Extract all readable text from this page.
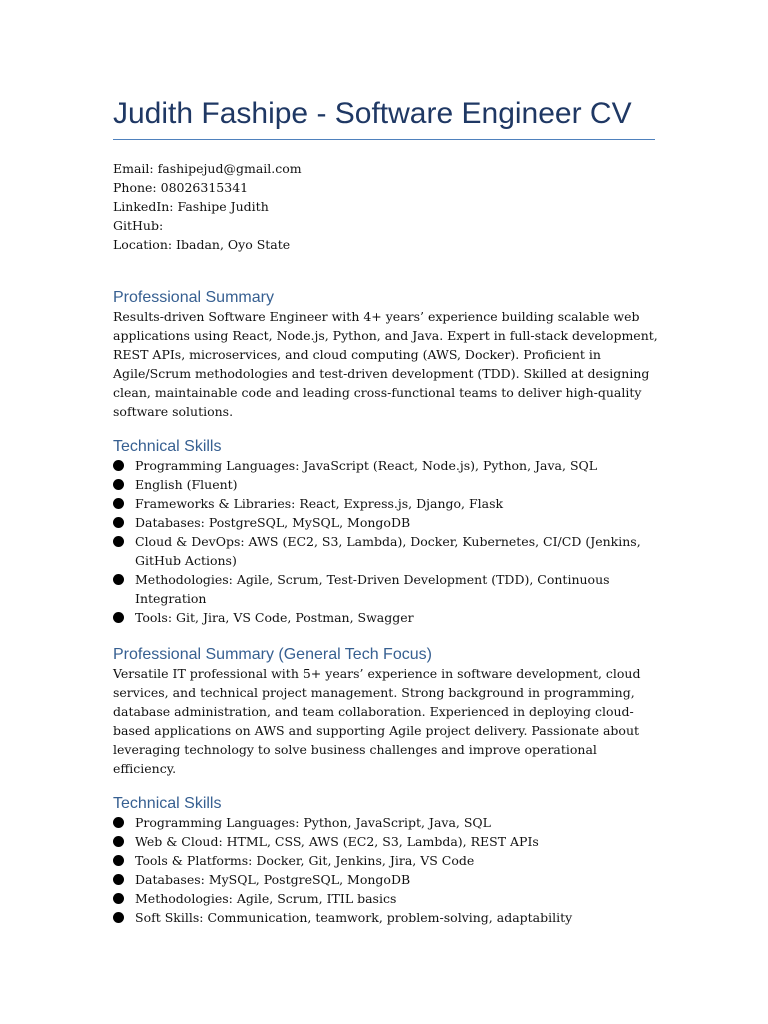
Judith Fashipe - Software Engineer CV
Email: fashipejud@gmail.com
Phone: 08026315341
LinkedIn: Fashipe Judith
GitHub:
Location: Ibadan, Oyo State
Professional Summary

Results-driven Software Engineer with 4+ years’ experience building scalable web applications using React, Node.js, Python, and Java. Expert in full-stack development, REST APIs, microservices, and cloud computing (AWS, Docker). Proficient in Agile/Scrum methodologies and test-driven development (TDD). Skilled at designing clean, maintainable code and leading cross-functional teams to deliver high-quality software solutions.

Technical Skills
Programming Languages: JavaScript (React, Node.js), Python, Java, SQL
English (Fluent)
Frameworks & Libraries: React, Express.js, Django, Flask
Databases: PostgreSQL, MySQL, MongoDB
Cloud & DevOps: AWS (EC2, S3, Lambda), Docker, Kubernetes, CI/CD (Jenkins, GitHub Actions)
Methodologies: Agile, Scrum, Test-Driven Development (TDD), Continuous Integration
Tools: Git, Jira, VS Code, Postman, Swagger
Professional Summary (General Tech Focus)

Versatile IT professional with 5+ years’ experience in software development, cloud services, and technical project management. Strong background in programming, database administration, and team collaboration. Experienced in deploying cloud-based applications on AWS and supporting Agile project delivery. Passionate about leveraging technology to solve business challenges and improve operational efficiency.

Technical Skills
Programming Languages: Python, JavaScript, Java, SQL
Web & Cloud: HTML, CSS, AWS (EC2, S3, Lambda), REST APIs
Tools & Platforms: Docker, Git, Jenkins, Jira, VS Code
Databases: MySQL, PostgreSQL, MongoDB
Methodologies: Agile, Scrum, ITIL basics
Soft Skills: Communication, teamwork, problem-solving, adaptability
